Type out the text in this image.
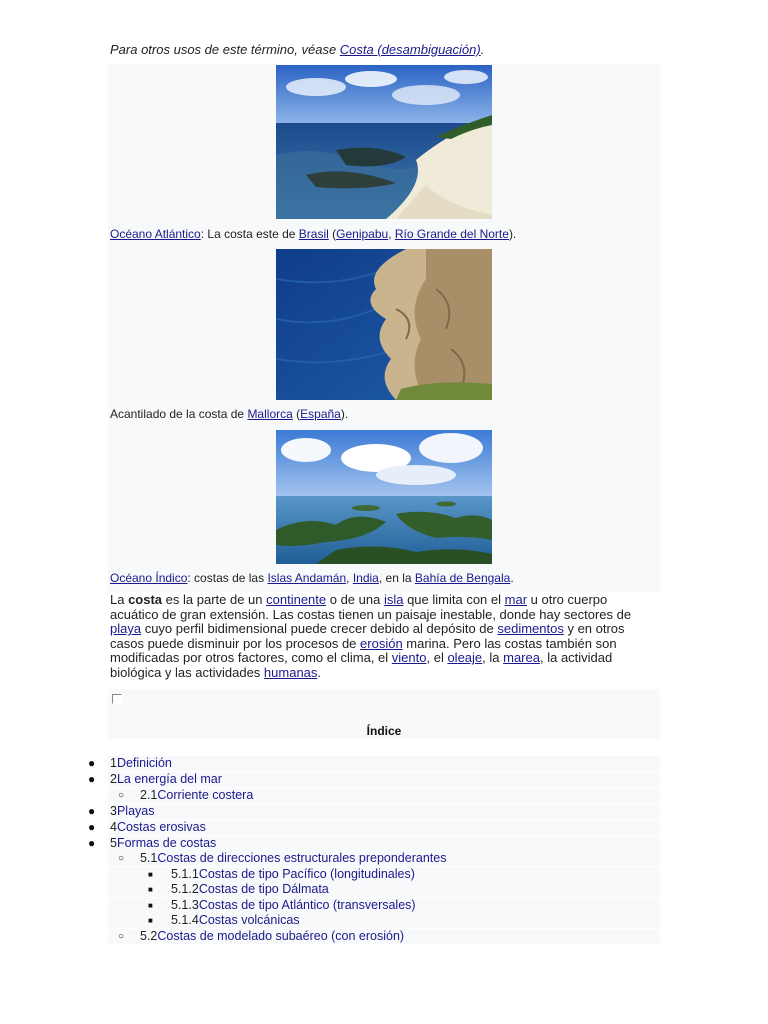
Para otros usos de este término, véase Costa (desambiguación).
Océano Atlántico: La costa este de Brasil (Genipabu, Río Grande del Norte).
Acantilado de la costa de Mallorca (España).
Océano Índico: costas de las Islas Andamán, India, en la Bahía de Bengala.
La costa es la parte de un continente o de una isla que limita con el mar u otro cuerpo acuático de gran extensión. Las costas tienen un paisaje inestable, donde hay sectores de playa cuyo perfil bidimensional puede crecer debido al depósito de sedimentos y en otros casos puede disminuir por los procesos de erosión marina. Pero las costas también son modificadas por otros factores, como el clima, el viento, el oleaje, la marea, la actividad biológica y las actividades humanas.
Índice
● 1Definición
● 2La energía del mar
○ 2.1Corriente costera
● 3Playas
● 4Costas erosivas
● 5Formas de costas
○ 5.1Costas de direcciones estructurales preponderantes
■ 5.1.1Costas de tipo Pacífico (longitudinales)
■ 5.1.2Costas de tipo Dálmata
■ 5.1.3Costas de tipo Atlántico (transversales)
■ 5.1.4Costas volcánicas
○ 5.2Costas de modelado subaéreo (con erosión)
